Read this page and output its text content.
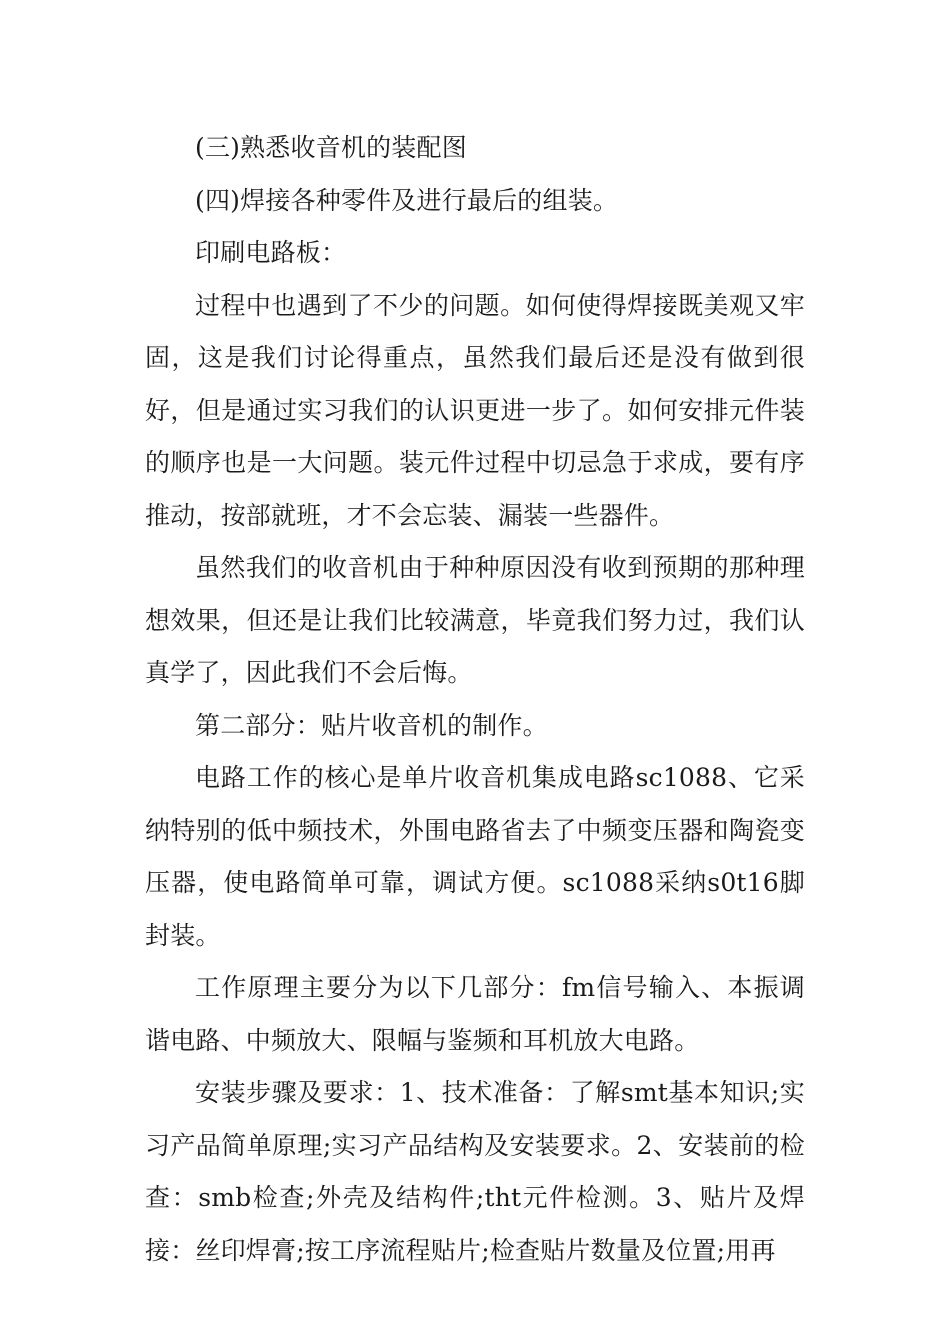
(三)熟悉收音机的装配图

(四)焊接各种零件及进行最后的组装。

印刷电路板：

过程中也遇到了不少的问题。如何使得焊接既美观又牢固，这是我们讨论得重点，虽然我们最后还是没有做到很好，但是通过实习我们的认识更进一步了。如何安排元件装的顺序也是一大问题。装元件过程中切忌急于求成，要有序推动，按部就班，才不会忘装、漏装一些器件。

虽然我们的收音机由于种种原因没有收到预期的那种理想效果，但还是让我们比较满意，毕竟我们努力过，我们认真学了，因此我们不会后悔。

第二部分：贴片收音机的制作。

电路工作的核心是单片收音机集成电路sc1088、它采纳特别的低中频技术，外围电路省去了中频变压器和陶瓷变压器，使电路简单可靠，调试方便。sc1088采纳s0t16脚封装。

工作原理主要分为以下几部分：fm信号输入、本振调谐电路、中频放大、限幅与鉴频和耳机放大电路。

安装步骤及要求：1、技术准备：了解smt基本知识;实习产品简单原理;实习产品结构及安装要求。2、安装前的检查：smb检查;外壳及结构件;tht元件检测。3、贴片及焊接：丝印焊膏;按工序流程贴片;检查贴片数量及位置;用再
